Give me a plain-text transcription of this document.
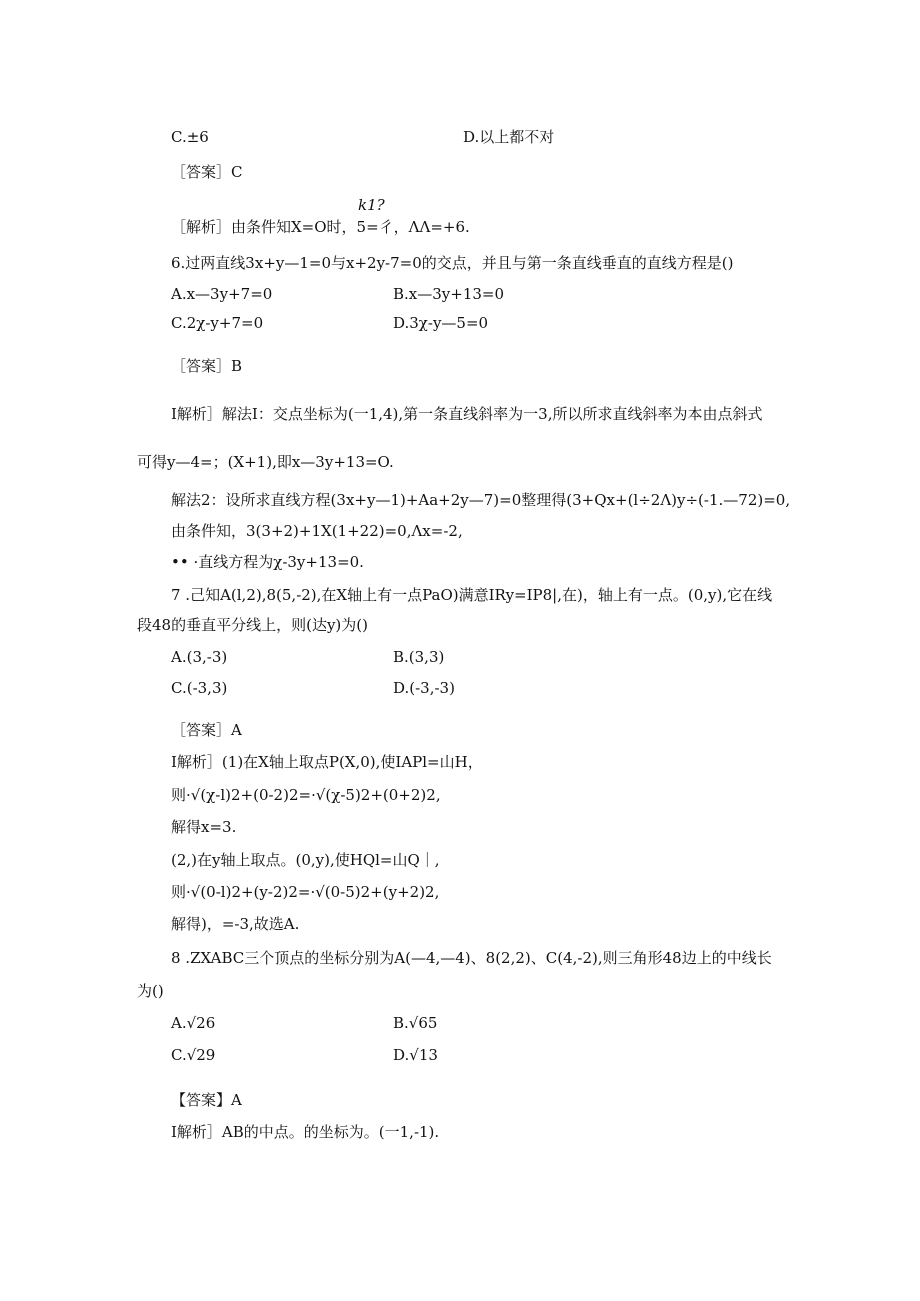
C.±6	D.以上都不对
［答案］C
k1?
［解析］由条件知X=O时，5=彳，ΛΛ=+6.
6.过两直线3x+y—1=0与x+2y-7=0的交点，并且与第一条直线垂直的直线方程是()
A.x—3y+7=0	B.x—3y+13=0
C.2χ-y+7=0	D.3χ-y—5=0
［答案］B
I解析］解法I：交点坐标为(一1,4),第一条直线斜率为一3,所以所求直线斜率为本由点斜式
可得y—4=；(X+1),即x—3y+13=O.
解法2：设所求直线方程(3x+y—1)+Aa+2y—7)=0整理得(3+Qx+(l÷2Λ)y÷(-1.—72)=0,
由条件知，3(3+2)+1X(1+22)=0,Λx=-2,
•• ·直线方程为χ-3y+13=0.
7 .己知A(l,2),8(5,-2),在X轴上有一点PaO)满意IRy=IP8|,在)，轴上有一点。(0,y),它在线
段48的垂直平分线上，则(达y)为()
A.(3,-3)	B.(3,3)
C.(-3,3)	D.(-3,-3)
［答案］A
I解析］(1)在X轴上取点P(X,0),使IAPl=山H，
则·√(χ-l)2+(0-2)2=·√(χ-5)2+(0+2)2,
解得x=3.
(2,)在y轴上取点。(0,y),使HQl=山Q｜,
则·√(0-l)2+(y-2)2=·√(0-5)2+(y+2)2,
解得)，=-3,故选A.
8 .ZXABC三个顶点的坐标分别为A(—4,—4)、8(2,2)、C(4,-2),则三角形48边上的中线长
为()
A.√26	B.√65
C.√29	D.√13
【答案】A
I解析］AB的中点。的坐标为。(一1,-1).
